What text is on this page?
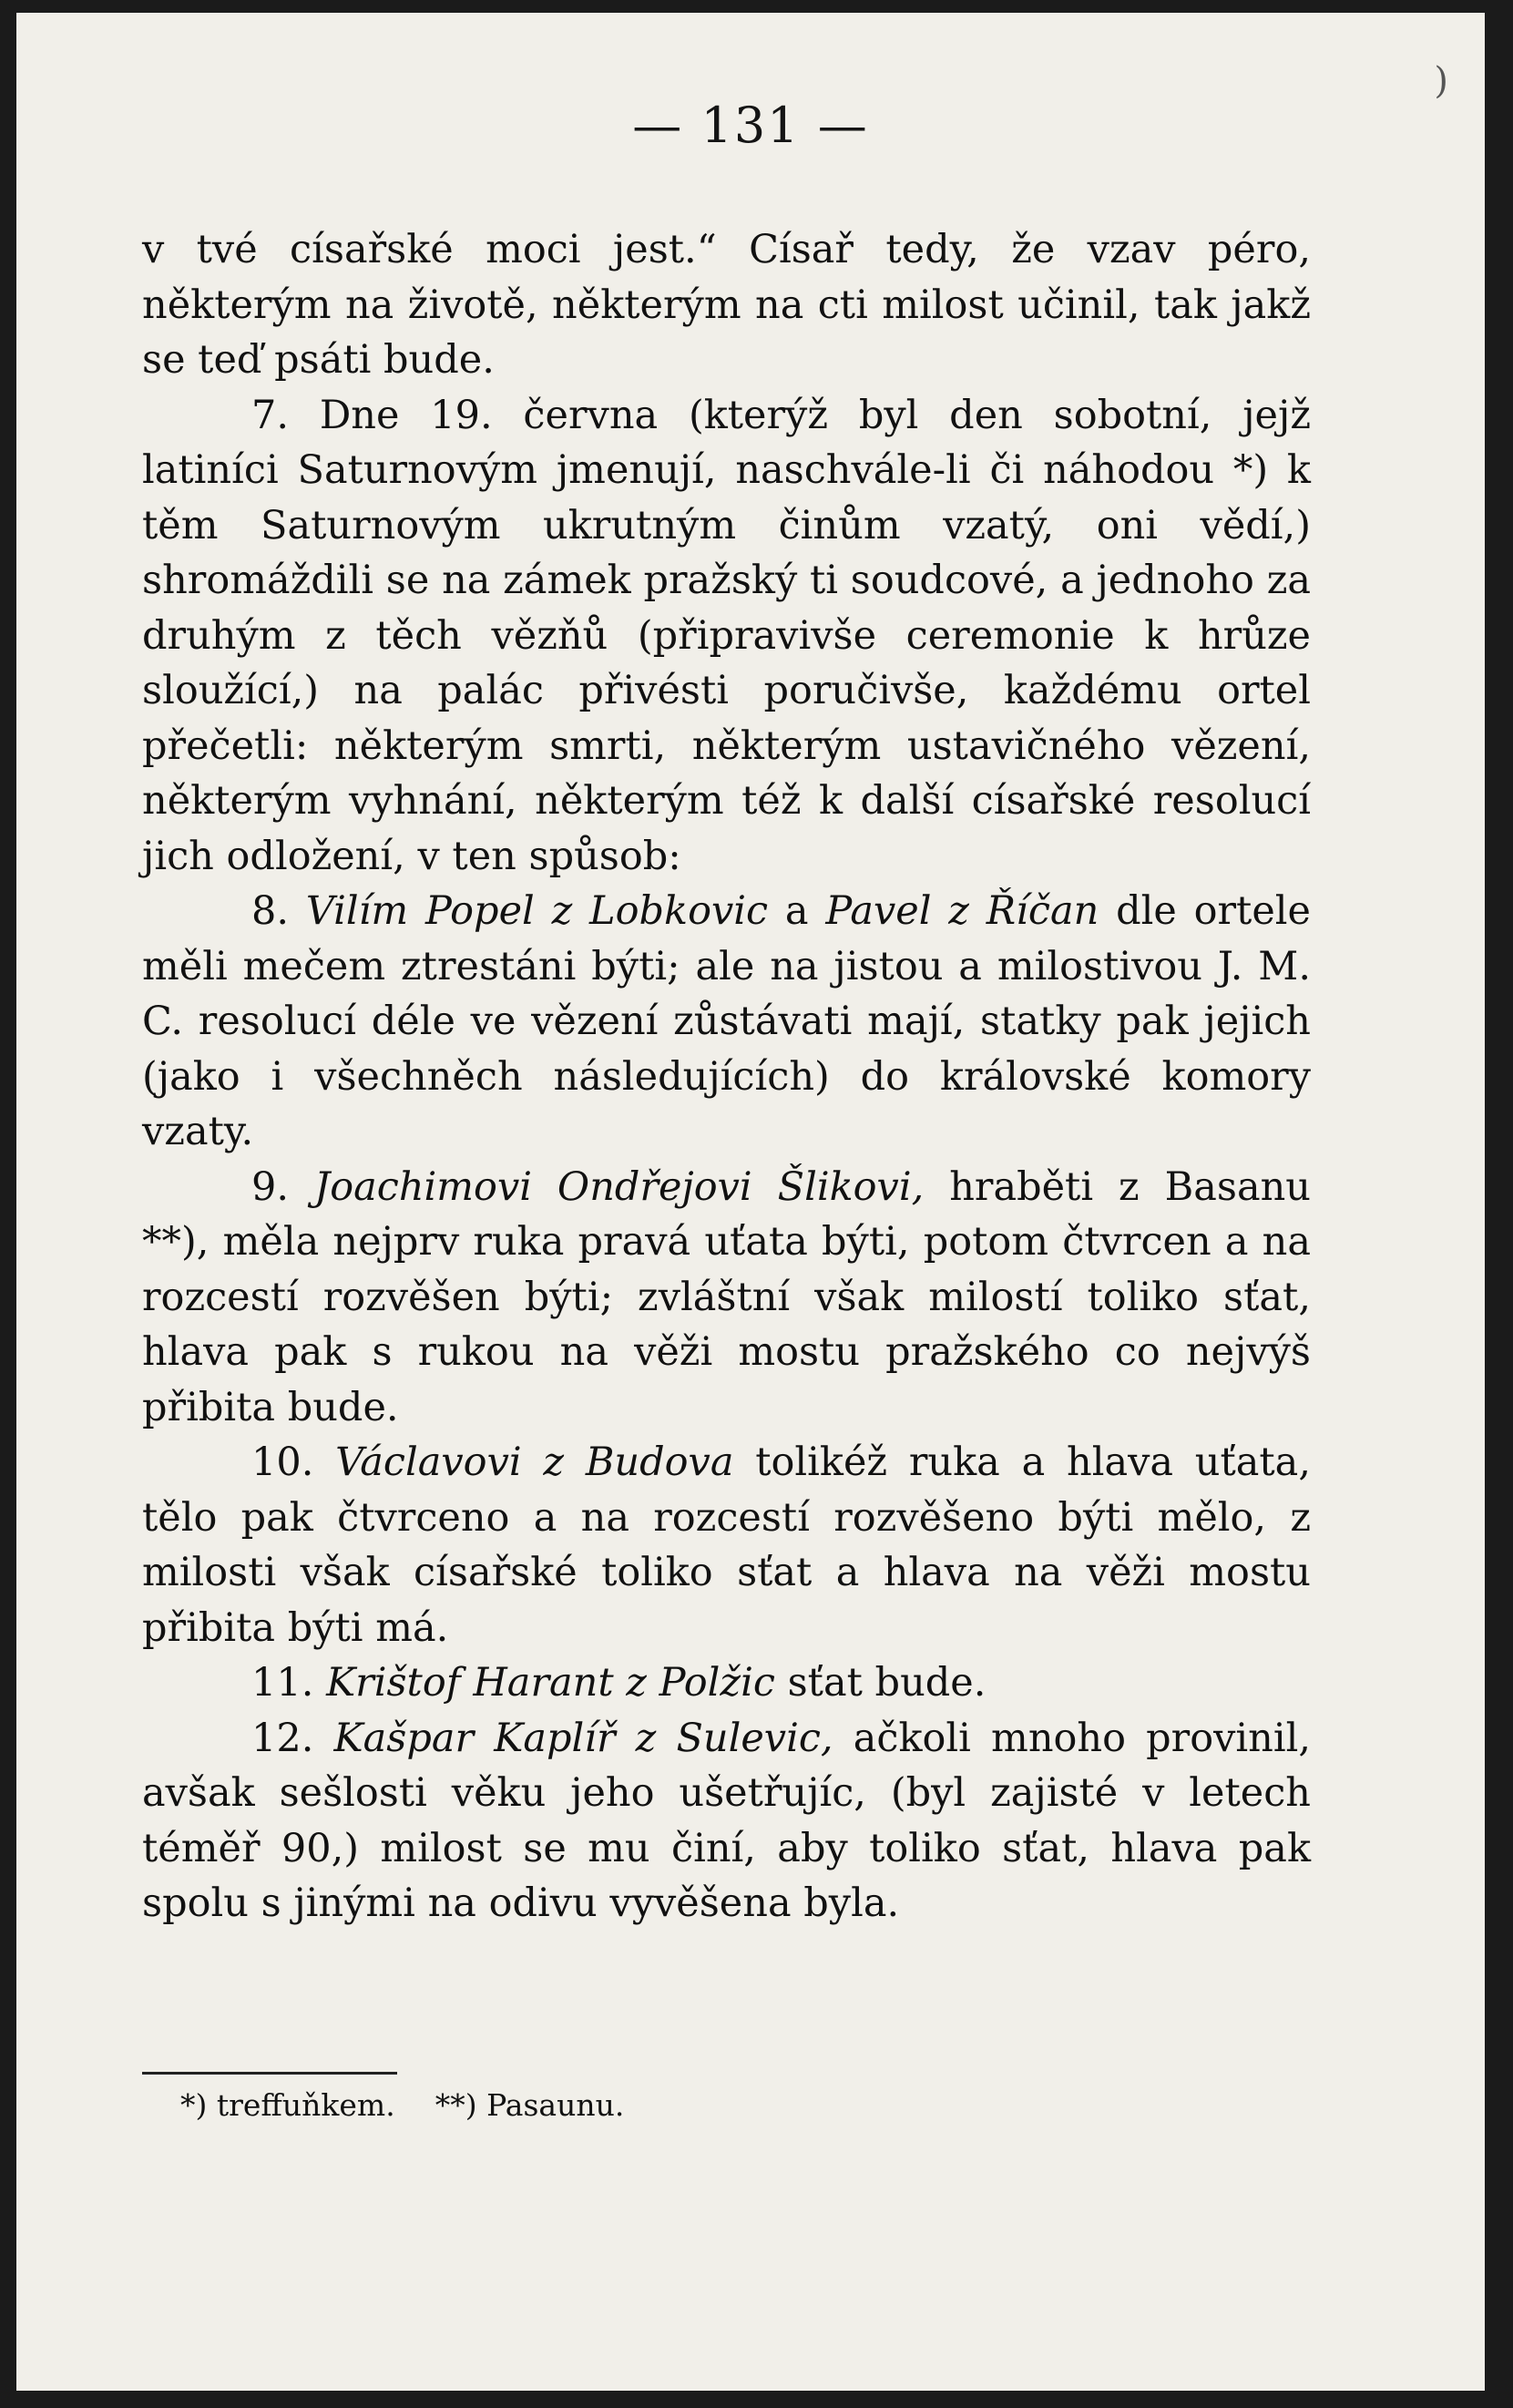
— 131 —
)

v tvé císařské moci jest.“ Císař tedy, že vzav péro, některým na životě, některým na cti milost učinil, tak jakž se teď psáti bude.

7. Dne 19. června (kterýž byl den sobotní, jejž latiníci Saturnovým jmenují, naschvále-li či náhodou *) k těm Saturnovým ukrutným činům vzatý, oni vědí,) shromáždili se na zámek pražský ti soudcové, a jednoho za druhým z těch vězňů (připravivše ceremonie k hrůze sloužící,) na palác přivésti poručivše, každému ortel přečetli: některým smrti, některým ustavičného vězení, některým vyhnání, některým též k další císařské resolucí jich odložení, v ten spůsob:

8. Vilím Popel z Lobkovic a Pavel z Říčan dle ortele měli mečem ztrestáni býti; ale na jistou a milostivou J. M. C. resolucí déle ve vězení zůstávati mají, statky pak jejich (jako i všechněch následujících) do královské komory vzaty.

9. Joachimovi Ondřejovi Šlikovi, hraběti z Basanu **), měla nejprv ruka pravá uťata býti, potom čtvrcen a na rozcestí rozvěšen býti; zvláštní však milostí toliko sťat, hlava pak s rukou na věži mostu pražského co nejvýš přibita bude.

10. Václavovi z Budova tolikéž ruka a hlava uťata, tělo pak čtvrceno a na rozcestí rozvěšeno býti mělo, z milosti však císařské toliko sťat a hlava na věži mostu přibita býti má.

11. Krištof Harant z Polžic sťat bude.

12. Kašpar Kaplíř z Sulevic, ačkoli mnoho provinil, avšak sešlosti věku jeho ušetřujíc, (byl zajisté v letech téměř 90,) milost se mu činí, aby toliko sťat, hlava pak spolu s jinými na odivu vyvěšena byla.

*) treffuňkem. **) Pasaunu.
